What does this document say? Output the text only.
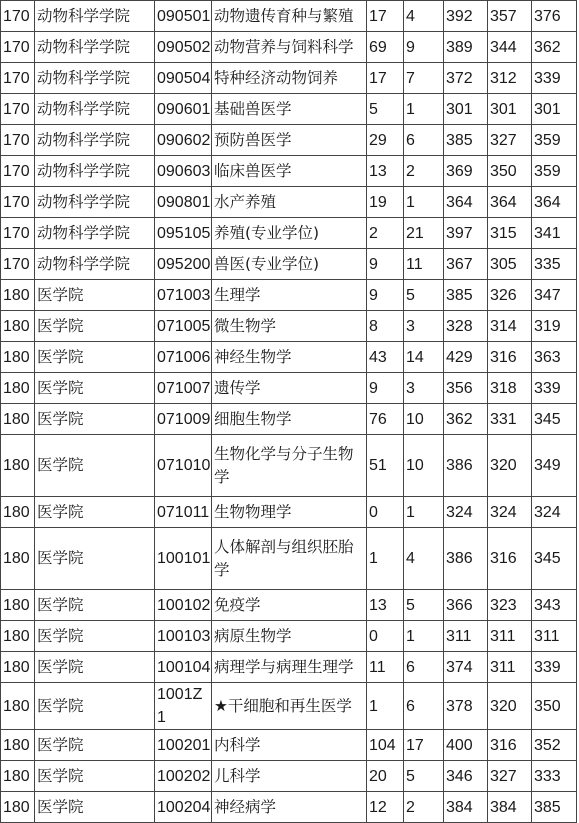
170	动物科学学院	090501	动物遗传育种与繁殖	17	4	392	357	376
170	动物科学学院	090502	动物营养与饲料科学	69	9	389	344	362
170	动物科学学院	090504	特种经济动物饲养	17	7	372	312	339
170	动物科学学院	090601	基础兽医学	5	1	301	301	301
170	动物科学学院	090602	预防兽医学	29	6	385	327	359
170	动物科学学院	090603	临床兽医学	13	2	369	350	359
170	动物科学学院	090801	水产养殖	19	1	364	364	364
170	动物科学学院	095105	养殖(专业学位)	2	21	397	315	341
170	动物科学学院	095200	兽医(专业学位)	9	11	367	305	335
180	医学院	071003	生理学	9	5	385	326	347
180	医学院	071005	微生物学	8	3	328	314	319
180	医学院	071006	神经生物学	43	14	429	316	363
180	医学院	071007	遗传学	9	3	356	318	339
180	医学院	071009	细胞生物学	76	10	362	331	345
180	医学院	071010	生物化学与分子生物学	51	10	386	320	349
180	医学院	071011	生物物理学	0	1	324	324	324
180	医学院	100101	人体解剖与组织胚胎学	1	4	386	316	345
180	医学院	100102	免疫学	13	5	366	323	343
180	医学院	100103	病原生物学	0	1	311	311	311
180	医学院	100104	病理学与病理生理学	11	6	374	311	339
180	医学院	1001Z1	★干细胞和再生医学	1	6	378	320	350
180	医学院	100201	内科学	104	17	400	316	352
180	医学院	100202	儿科学	20	5	346	327	333
180	医学院	100204	神经病学	12	2	384	384	385
